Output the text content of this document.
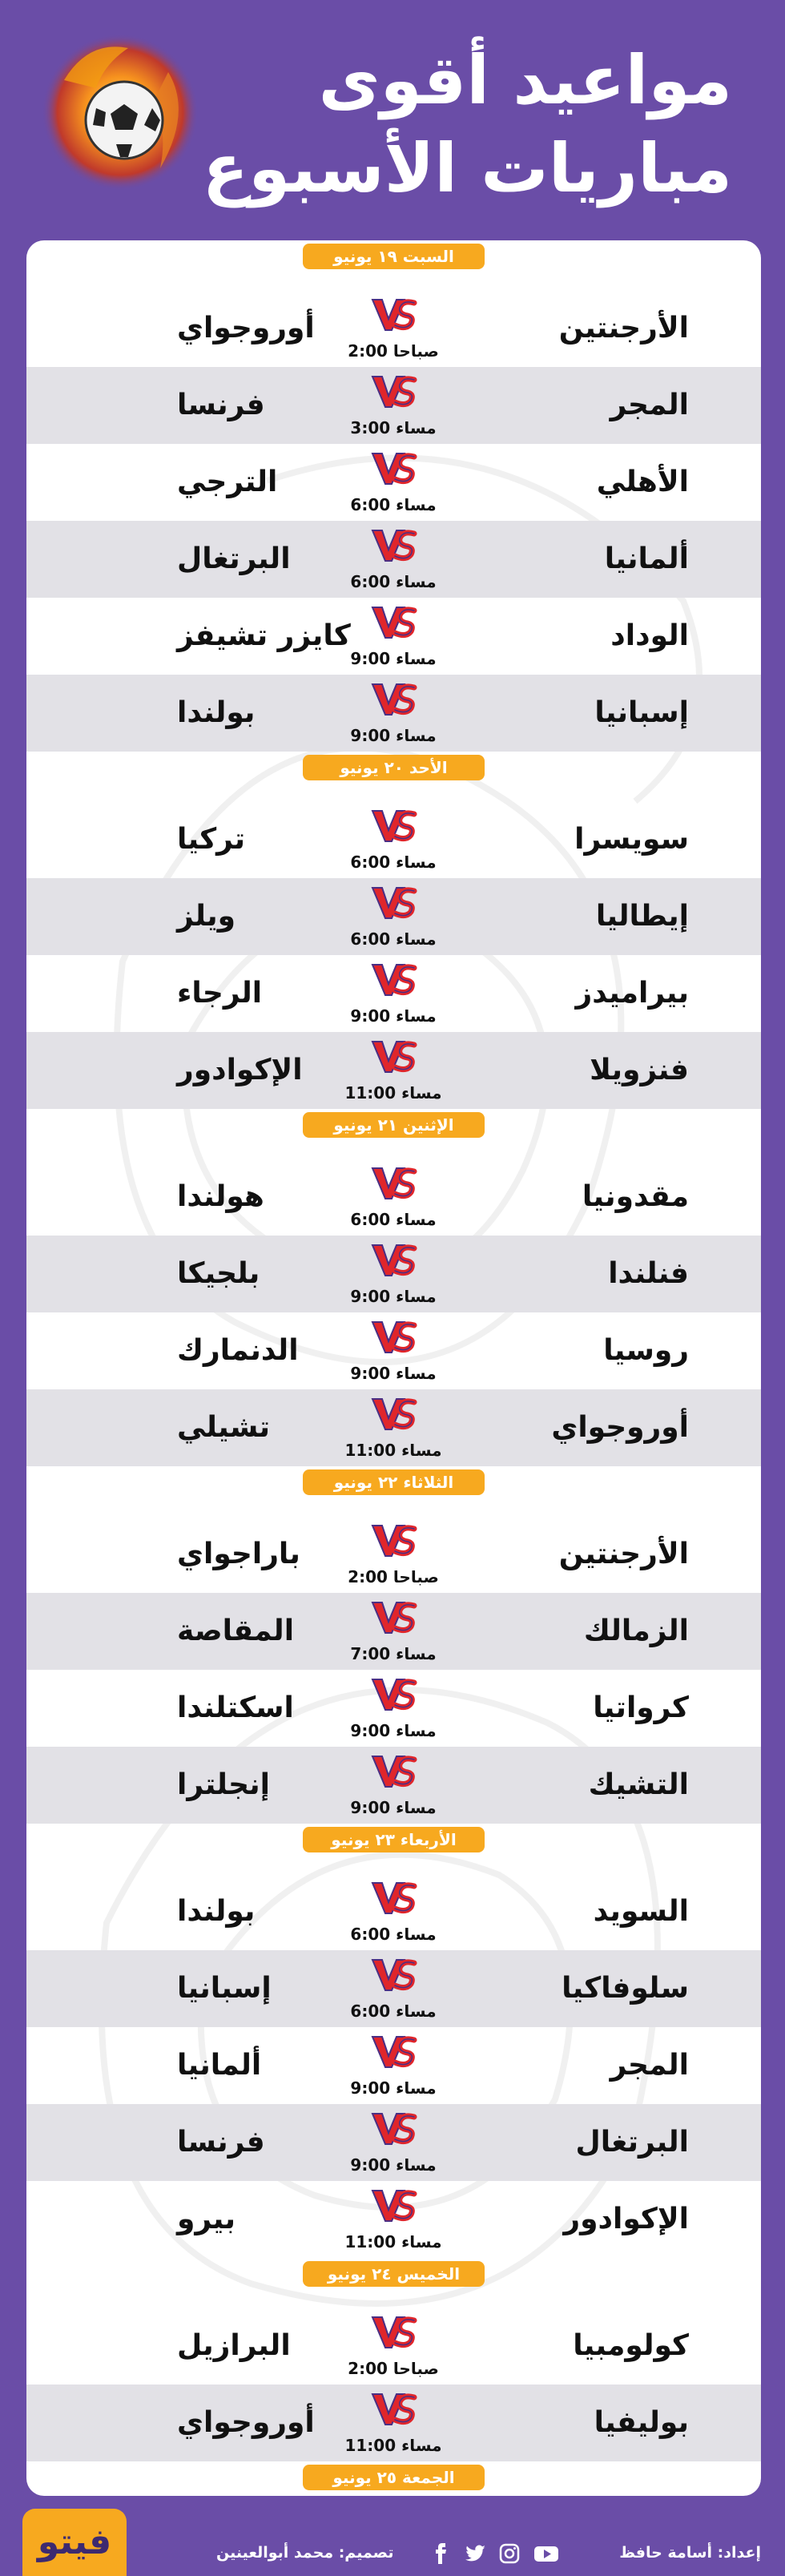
مواعيد أقوى
مباريات الأسبوع
السبت ١٩ يونيو
الأرجنتين
2:00 صباحا
أوروجواي
المجر
3:00 مساء
فرنسا
الأهلي
6:00 مساء
الترجي
ألمانيا
6:00 مساء
البرتغال
الوداد
9:00 مساء
كايزر تشيفز
إسبانيا
9:00 مساء
بولندا
الأحد ٢٠ يونيو
سويسرا
6:00 مساء
تركيا
إيطاليا
6:00 مساء
ويلز
بيراميدز
9:00 مساء
الرجاء
فنزويلا
11:00 مساء
الإكوادور
الإثنين ٢١ يونيو
مقدونيا
6:00 مساء
هولندا
فنلندا
9:00 مساء
بلجيكا
روسيا
9:00 مساء
الدنمارك
أوروجواي
11:00 مساء
تشيلي
الثلاثاء ٢٢ يونيو
الأرجنتين
2:00 صباحا
باراجواي
الزمالك
7:00 مساء
المقاصة
كرواتيا
9:00 مساء
اسكتلندا
التشيك
9:00 مساء
إنجلترا
الأربعاء ٢٣ يونيو
السويد
6:00 مساء
بولندا
سلوفاكيا
6:00 مساء
إسبانيا
المجر
9:00 مساء
ألمانيا
البرتغال
9:00 مساء
فرنسا
الإكوادور
11:00 مساء
بيرو
الخميس ٢٤ يونيو
كولومبيا
2:00 صباحا
البرازيل
بوليفيا
11:00 مساء
أوروجواي
الجمعة ٢٥ يونيو
فيتو	تصميم: محمد أبوالعينين	إعداد: أسامة حافظ
